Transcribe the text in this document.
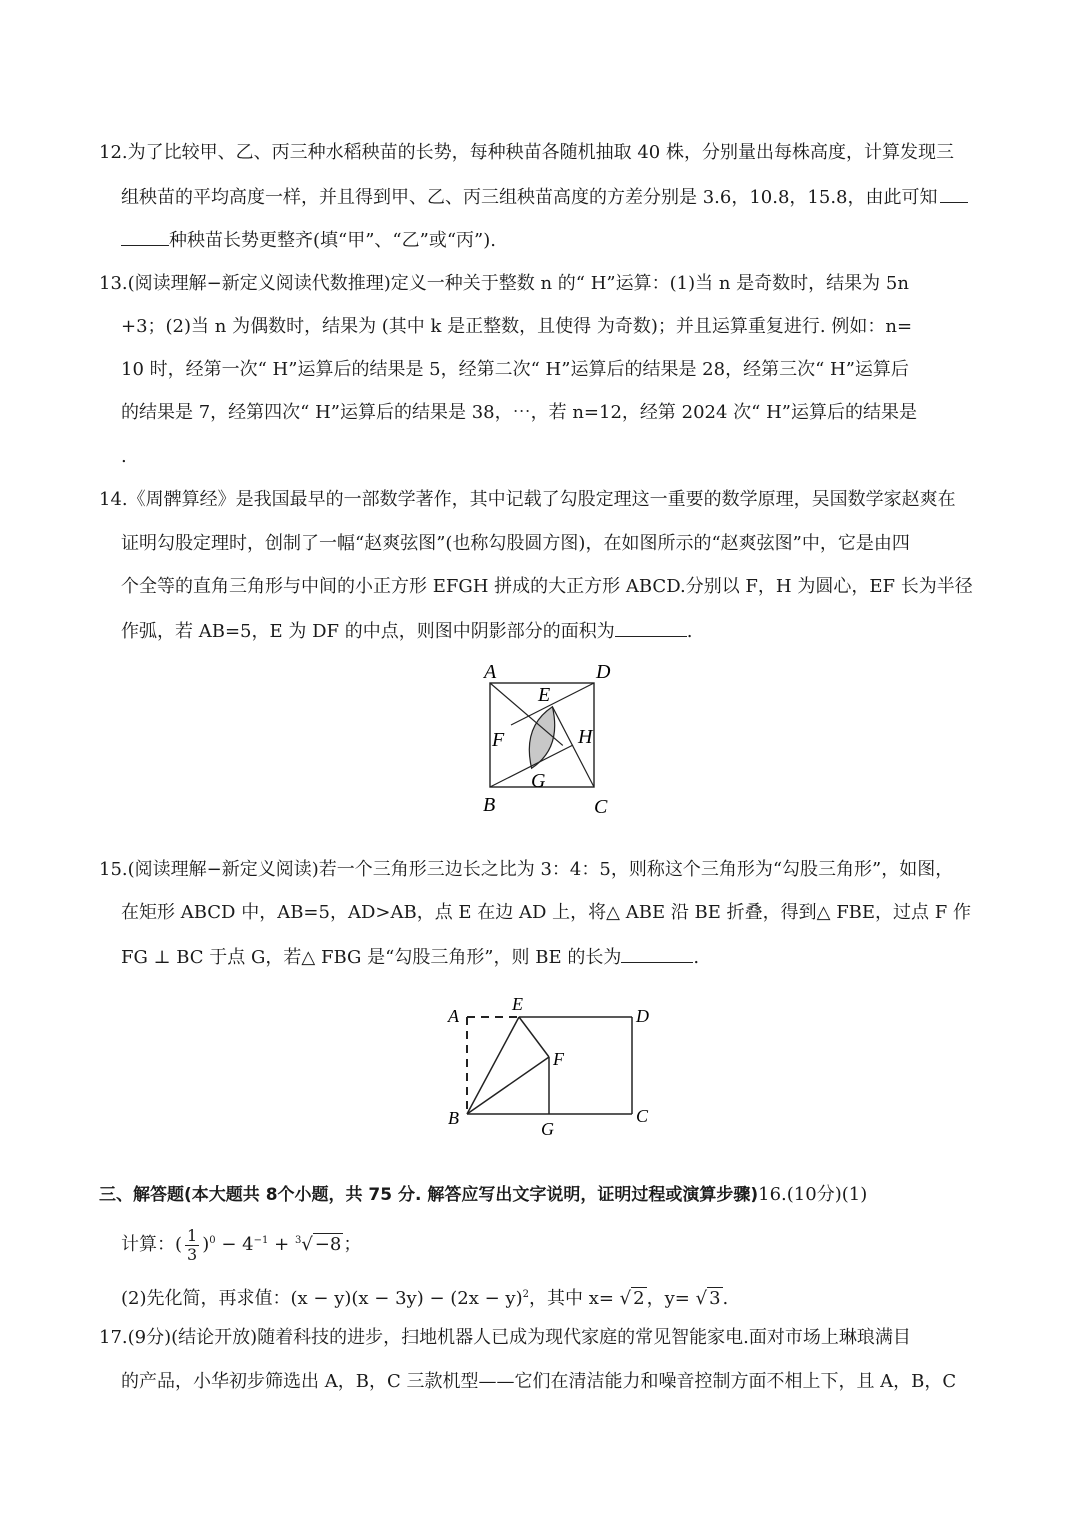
12.为了比较甲、乙、丙三种水稻秧苗的长势，每种秧苗各随机抽取 40 株，分别量出每株高度，计算发现三
组秧苗的平均高度一样，并且得到甲、乙、丙三组秧苗高度的方差分别是 3.6，10.8，15.8，由此可知
种秧苗长势更整齐(填“甲”、“乙”或“丙”).
13.(阅读理解−新定义阅读代数推理)定义一种关于整数 n 的“ H”运算：(1)当 n 是奇数时，结果为 5n
+3；(2)当 n 为偶数时，结果为 (其中 k 是正整数，且使得 为奇数)；并且运算重复进行. 例如：n=
10 时，经第一次“ H”运算后的结果是 5，经第二次“ H”运算后的结果是 28，经第三次“ H”运算后
的结果是 7，经第四次“ H”运算后的结果是 38，⋯，若 n=12，经第 2024 次“ H”运算后的结果是
.
14.《周髀算经》是我国最早的一部数学著作，其中记载了勾股定理这一重要的数学原理，吴国数学家赵爽在
证明勾股定理时，创制了一幅“赵爽弦图”(也称勾股圆方图)，在如图所示的“赵爽弦图”中，它是由四
个全等的直角三角形与中间的小正方形 EFGH 拼成的大正方形 ABCD.分别以 F，H 为圆心，EF 长为半径
作弧，若 AB=5，E 为 DF 的中点，则图中阴影部分的面积为	.
A	D
B	C
E
F
G
H
15.(阅读理解−新定义阅读)若一个三角形三边长之比为 3：4：5，则称这个三角形为“勾股三角形”，如图，
在矩形 ABCD 中，AB=5，AD>AB，点 E 在边 AD 上，将△ ABE 沿 BE 折叠，得到△ FBE，过点 F 作
FG ⊥ BC 于点 G，若△ FBG 是“勾股三角形”，则 BE 的长为	.
A
E
D
F
B
G
C
三、解答题(本大题共 8个小题，共 75 分. 解答应写出文字说明，证明过程或演算步骤)16.(10分)(1)
计算：( $\frac{1}{3} )^0 - 4^{-1} + ^3√ -8$ ；
(2)先化简，再求值：$(x - y)(x - 3y) - (2x - y)^2$，其中 x= √ 2 ，y= √ 3 .
17.(9分)(结论开放)随着科技的进步，扫地机器人已成为现代家庭的常见智能家电.面对市场上琳琅满目
的产品，小华初步筛选出 A，B，C 三款机型——它们在清洁能力和噪音控制方面不相上下，且 A，B，C
